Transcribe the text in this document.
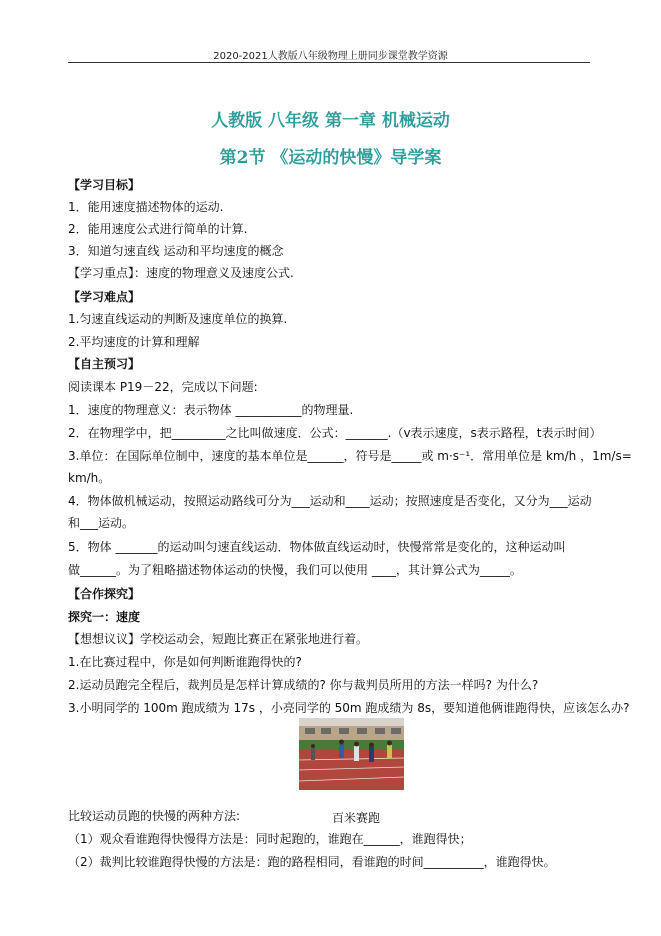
2020-2021人教版八年级物理上册同步课堂教学资源
人教版 八年级 第一章 机械运动
第2节 《运动的快慢》导学案
【学习目标】
1．能用速度描述物体的运动.
2．能用速度公式进行简单的计算.
3．知道匀速直线 运动和平均速度的概念
【学习重点】：速度的物理意义及速度公式.
【学习难点】
1.匀速直线运动的判断及速度单位的换算.
2.平均速度的计算和理解
【自主预习】
阅读课本 P19－22，完成以下问题:
1．速度的物理意义：表示物体 ___________的物理量.
2．在物理学中，把_________之比叫做速度．公式：_______.（v表示速度，s表示路程，t表示时间）
3.单位：在国际单位制中，速度的基本单位是______，符号是_____或 m·s⁻¹．常用单位是 km/h ，1m/s=
km/h。
4．物体做机械运动，按照运动路线可分为___运动和____运动；按照速度是否变化，又分为___运动
和___运动。
5．物体 _______的运动叫匀速直线运动．物体做直线运动时，快慢常常是变化的，这种运动叫
做______。为了粗略描述物体运动的快慢，我们可以使用 ____，其计算公式为_____。
【合作探究】
探究一：速度
【想想议议】学校运动会，短跑比赛正在紧张地进行着。
1.在比赛过程中，你是如何判断谁跑得快的?
2.运动员跑完全程后，裁判员是怎样计算成绩的? 你与裁判员所用的方法一样吗? 为什么?
3.小明同学的 100m 跑成绩为 17s ，小亮同学的 50m 跑成绩为 8s，要知道他俩谁跑得快，应该怎么办?
百米赛跑
比较运动员跑的快慢的两种方法:
（1）观众看谁跑得快慢得方法是：同时起跑的，谁跑在______，谁跑得快；
（2）裁判比较谁跑得快慢的方法是：跑的路程相同，看谁跑的时间__________，谁跑得快。
